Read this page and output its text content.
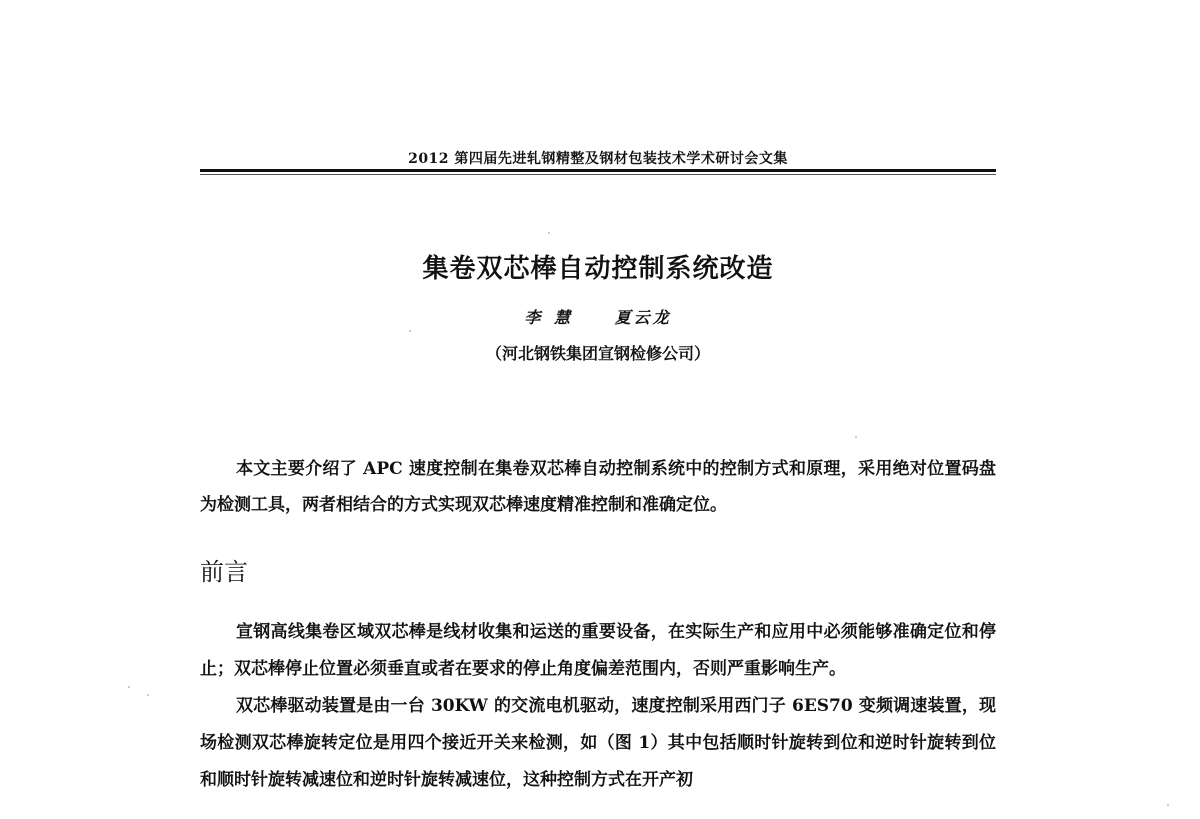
2012 第四届先进轧钢精整及钢材包装技术学术研讨会文集
集卷双芯棒自动控制系统改造
李 慧	夏云龙
（河北钢铁集团宣钢检修公司）
本文主要介绍了 APC 速度控制在集卷双芯棒自动控制系统中的控制方式和原理，采用绝对位置码盘为检测工具，两者相结合的方式实现双芯棒速度精准控制和准确定位。
前言

宣钢高线集卷区域双芯棒是线材收集和运送的重要设备，在实际生产和应用中必须能够准确定位和停止；双芯棒停止位置必须垂直或者在要求的停止角度偏差范围内，否则严重影响生产。

双芯棒驱动装置是由一台 30KW 的交流电机驱动，速度控制采用西门子 6ES70 变频调速装置，现场检测双芯棒旋转定位是用四个接近开关来检测，如（图 1）其中包括顺时针旋转到位和逆时针旋转到位和顺时针旋转减速位和逆时针旋转减速位，这种控制方式在开产初
